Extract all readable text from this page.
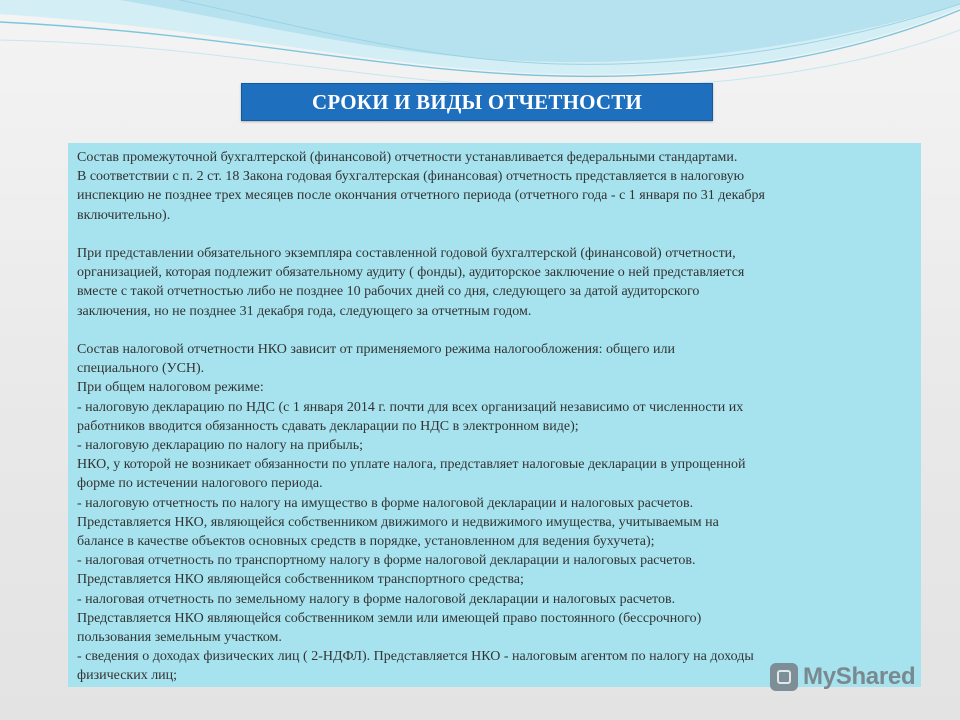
СРОКИ И ВИДЫ ОТЧЕТНОСТИ
Состав промежуточной бухгалтерской (финансовой) отчетности устанавливается федеральными стандартами.
В соответствии с п. 2 ст. 18 Закона годовая бухгалтерская (финансовая) отчетность представляется в налоговую
инспекцию не позднее трех месяцев после окончания отчетного периода (отчетного года - с 1 января по 31 декабря
включительно).
При представлении обязательного экземпляра составленной годовой бухгалтерской (финансовой) отчетности,
организацией, которая подлежит обязательному аудиту ( фонды), аудиторское заключение о ней представляется
вместе с такой отчетностью либо не позднее 10 рабочих дней со дня, следующего за датой аудиторского
заключения, но не позднее 31 декабря года, следующего за отчетным годом.
Состав налоговой отчетности НКО зависит от применяемого режима налогообложения: общего или
специального (УСН).
При общем налоговом режиме:
- налоговую декларацию по НДС (с 1 января 2014 г. почти для всех организаций независимо от численности их
работников вводится обязанность сдавать декларации по НДС в электронном виде);
- налоговую декларацию по налогу на прибыль;
НКО, у которой не возникает обязанности по уплате налога, представляет налоговые декларации в упрощенной
форме по истечении налогового периода.
- налоговую отчетность по налогу на имущество в форме налоговой декларации и налоговых расчетов.
Представляется НКО, являющейся собственником движимого и недвижимого имущества, учитываемым на
балансе в качестве объектов основных средств в порядке, установленном для ведения бухучета);
- налоговая отчетность по транспортному налогу в форме налоговой декларации и налоговых расчетов.
Представляется НКО являющейся собственником транспортного средства;
- налоговая отчетность по земельному налогу в форме налоговой декларации и налоговых расчетов.
Представляется НКО являющейся собственником земли или имеющей право постоянного (бессрочного)
пользования земельным участком.
- сведения о доходах физических лиц ( 2-НДФЛ). Представляется НКО - налоговым агентом по налогу на доходы
физических лиц;	MyShared
